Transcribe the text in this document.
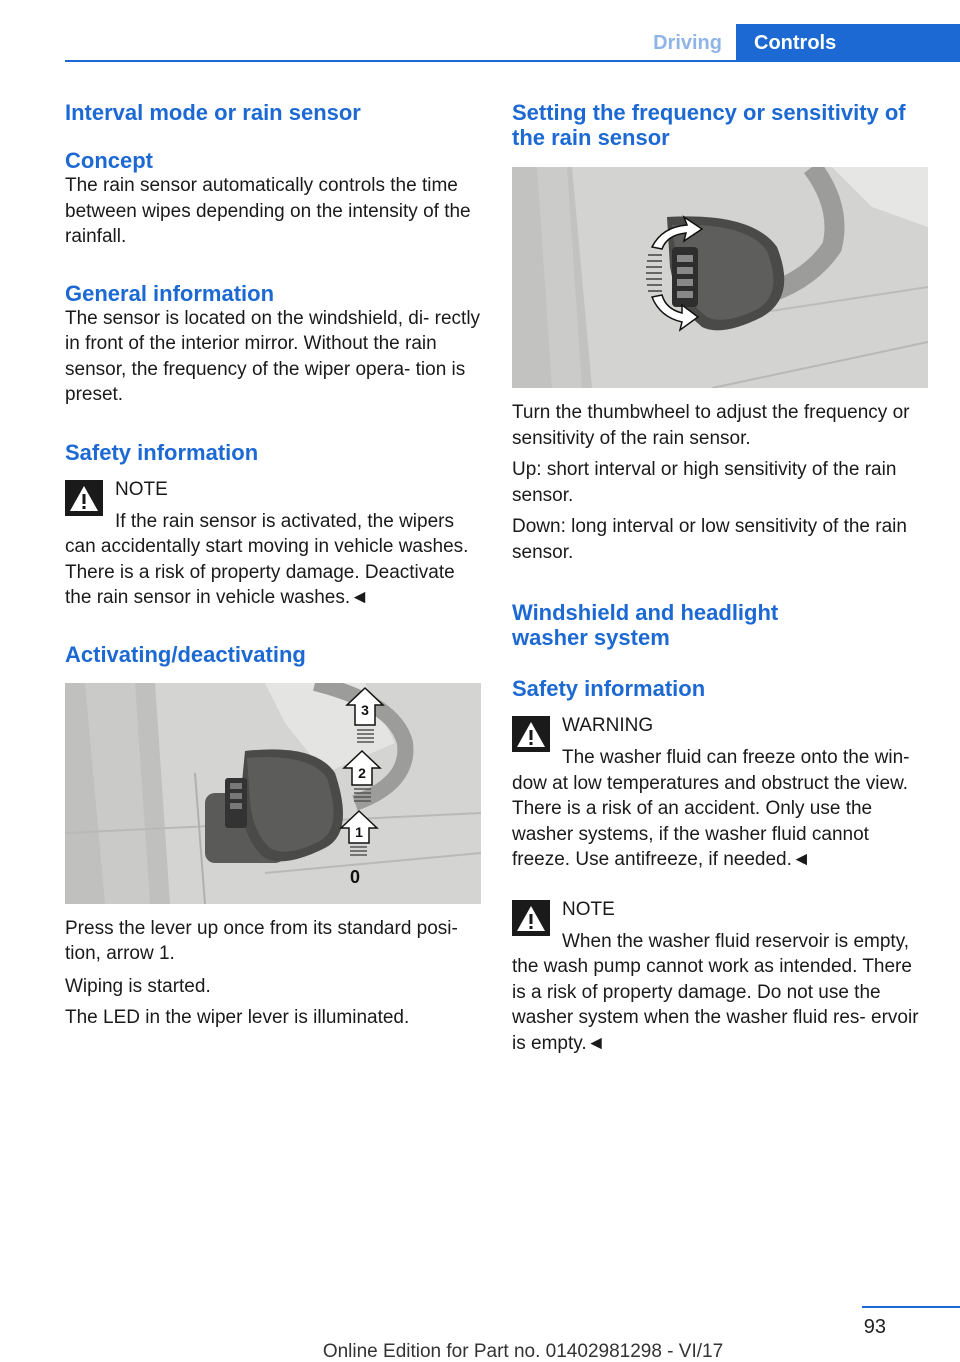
Driving	Controls
Interval mode or rain sensor
Concept

The rain sensor automatically controls the time between wipes depending on the intensity of the rainfall.

General information

The sensor is located on the windshield, di‐ rectly in front of the interior mirror. Without the rain sensor, the frequency of the wiper opera‐ tion is preset.

Safety information
NOTE
If the rain sensor is activated, the wipers

can accidentally start moving in vehicle washes. There is a risk of property damage. Deactivate the rain sensor in vehicle washes.◄

Activating/deactivating
3
2
1
0

Press the lever up once from its standard posi‐ tion, arrow 1.

Wiping is started.

The LED in the wiper lever is illuminated.

Setting the frequency or sensitivity of the rain sensor

Turn the thumbwheel to adjust the frequency or sensitivity of the rain sensor.

Up: short interval or high sensitivity of the rain sensor.

Down: long interval or low sensitivity of the rain sensor.

Windshield and headlight
washer system
Safety information
WARNING
The washer fluid can freeze onto the win‐

dow at low temperatures and obstruct the view. There is a risk of an accident. Only use the washer systems, if the washer fluid cannot freeze. Use antifreeze, if needed.◄

NOTE
When the washer fluid reservoir is empty,

the wash pump cannot work as intended. There is a risk of property damage. Do not use the washer system when the washer fluid res‐ ervoir is empty.◄

93
Online Edition for Part no. 01402981298 - VI/17
